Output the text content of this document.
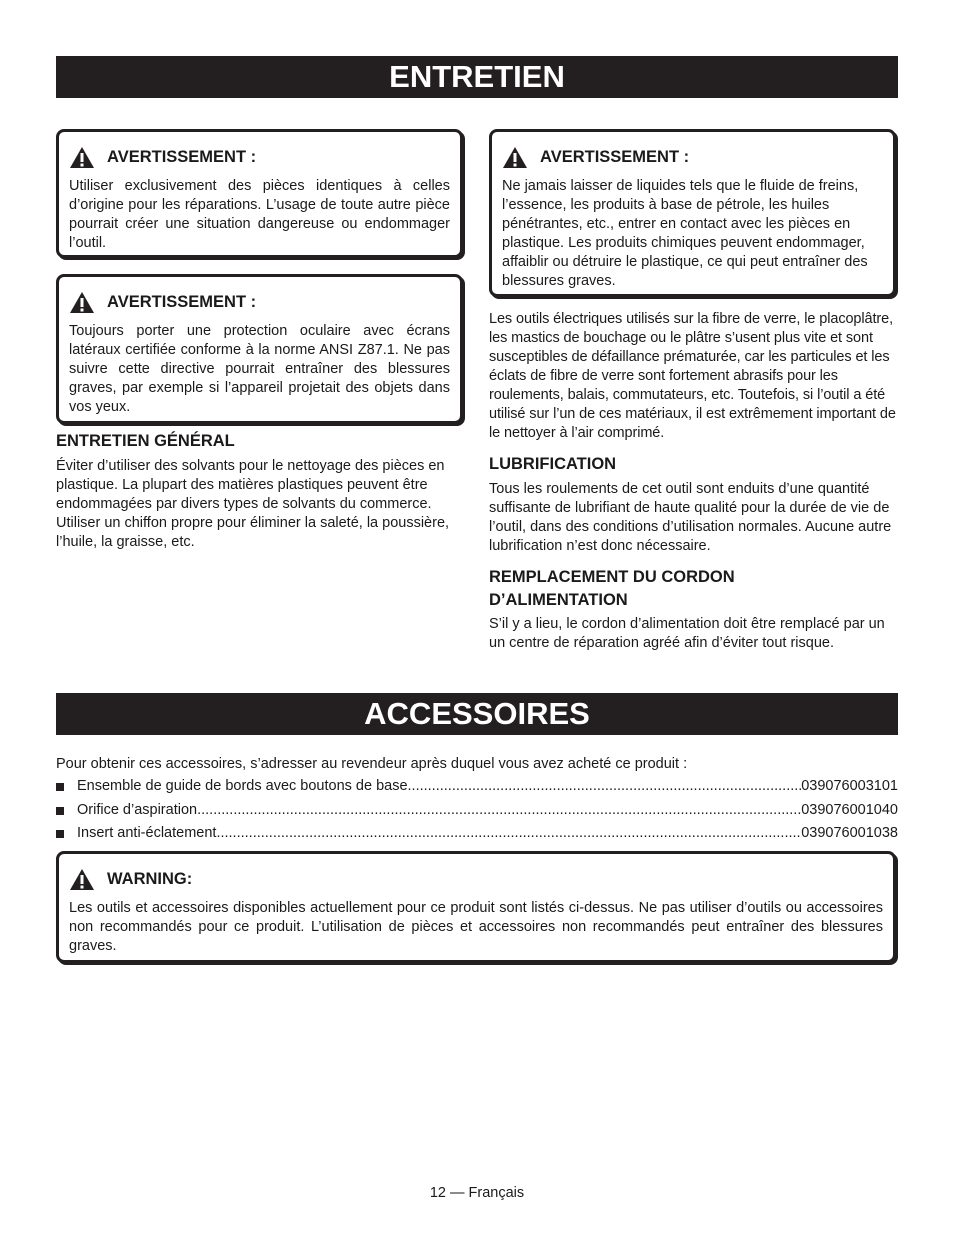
ENTRETIEN
AVERTISSEMENT :
Utiliser exclusivement des pièces identiques à celles d’origine pour les réparations. L’usage de toute autre pièce pourrait créer une situation dangereuse ou endommager l’outil.
AVERTISSEMENT :
Toujours porter une protection oculaire avec écrans latéraux certifiée conforme à la norme ANSI Z87.1. Ne pas suivre cette directive pourrait entraîner des blessures graves, par exemple si l’appareil projetait des objets dans vos yeux.
ENTRETIEN GÉNÉRAL
Éviter d’utiliser des solvants pour le nettoyage des pièces en plastique. La plupart des matières plastiques peuvent être endommagées par divers types de solvants du commerce. Utiliser un chiffon propre pour éliminer la saleté, la poussière, l’huile, la graisse, etc.
AVERTISSEMENT :
Ne jamais laisser de liquides tels que le fluide de freins, l’essence, les produits à base de pétrole, les huiles pénétrantes, etc., entrer en contact avec les pièces en plastique. Les produits chimiques peuvent endommager, affaiblir ou détruire le plastique, ce qui peut entraîner des blessures graves.
Les outils électriques utilisés sur la fibre de verre, le placoplâtre, les mastics de bouchage ou le plâtre s’usent plus vite et sont susceptibles de défaillance prématurée, car les particules et les éclats de fibre de verre sont fortement abrasifs pour les roulements, balais, commutateurs, etc. Toutefois, si l’outil a été utilisé sur l’un de ces matériaux, il est extrêmement important de le nettoyer à l’air comprimé.
LUBRIFICATION
Tous les roulements de cet outil sont enduits d’une quantité suffisante de lubrifiant de haute qualité pour la durée de vie de l’outil, dans des conditions d’utilisation normales. Aucune autre lubrification n’est donc nécessaire.
REMPLACEMENT DU CORDON
D’ALIMENTATION
S’il y a lieu, le cordon d’alimentation doit être remplacé par un un centre de réparation agréé afin d’éviter tout risque.
ACCESSOIRES
Pour obtenir ces accessoires, s’adresser au revendeur après duquel vous avez acheté ce produit :
Ensemble de guide de bords avec boutons de base .....	039076003101
Orifice d’aspiration .....	039076001040
Insert anti-éclatement .....	039076001038
WARNING:
Les outils et accessoires disponibles actuellement pour ce produit sont listés ci-dessus. Ne pas utiliser d’outils ou accessoires non recommandés pour ce produit. L’utilisation de pièces et accessoires non recommandés peut entraîner des blessures graves.
12 — Français
